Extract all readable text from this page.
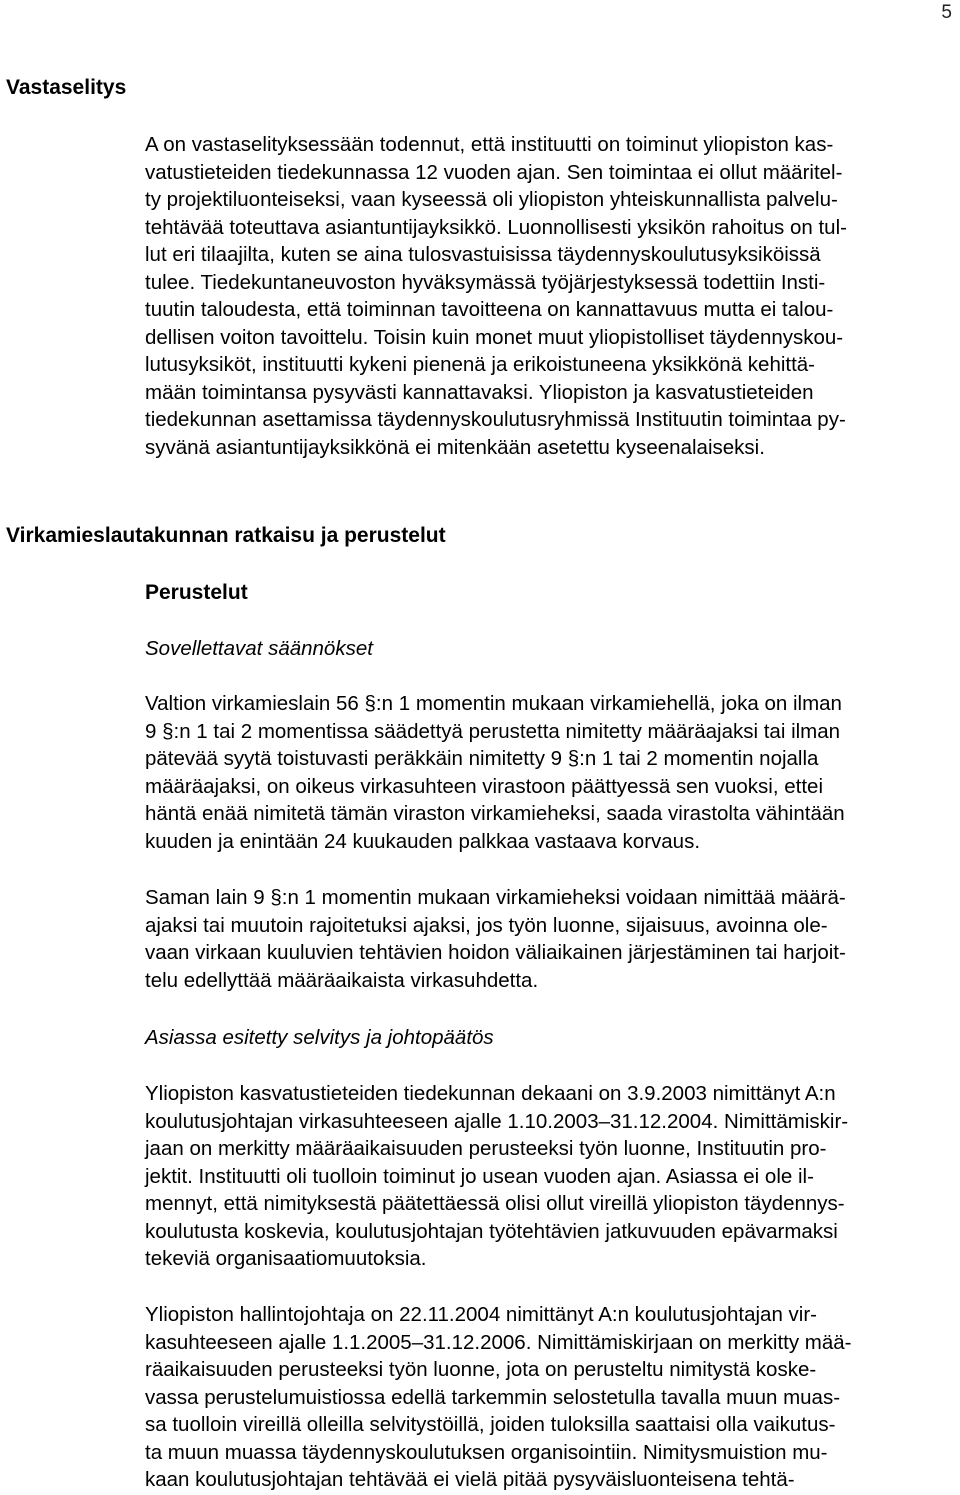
5
Vastaselitys
A on vastaselityksessään todennut, että instituutti on toiminut yliopiston kas-
vatustieteiden tiedekunnassa 12 vuoden ajan. Sen toimintaa ei ollut määritel-
ty projektiluonteiseksi, vaan kyseessä oli yliopiston yhteiskunnallista palvelu-
tehtävää toteuttava asiantuntijayksikkö. Luonnollisesti yksikön rahoitus on tul-
lut eri tilaajilta, kuten se aina tulosvastuisissa täydennyskoulutusyksiköissä
tulee. Tiedekuntaneuvoston hyväksymässä työjärjestyksessä todettiin Insti-
tuutin taloudesta, että toiminnan tavoitteena on kannattavuus mutta ei talou-
dellisen voiton tavoittelu. Toisin kuin monet muut yliopistolliset täydennyskou-
lutusyksiköt, instituutti kykeni pienenä ja erikoistuneena yksikkönä kehittä-
mään toimintansa pysyvästi kannattavaksi. Yliopiston ja kasvatustieteiden
tiedekunnan asettamissa täydennyskoulutusryhmissä Instituutin toimintaa py-
syvänä asiantuntijayksikkönä ei mitenkään asetettu kyseenalaiseksi.
Virkamieslautakunnan ratkaisu ja perustelut
Perustelut
Sovellettavat säännökset
Valtion virkamieslain 56 §:n 1 momentin mukaan virkamiehellä, joka on ilman
9 §:n 1 tai 2 momentissa säädettyä perustetta nimitetty määräajaksi tai ilman
pätevää syytä toistuvasti peräkkäin nimitetty 9 §:n 1 tai 2 momentin nojalla
määräajaksi, on oikeus virkasuhteen virastoon päättyessä sen vuoksi, ettei
häntä enää nimitetä tämän viraston virkamieheksi, saada virastolta vähintään
kuuden ja enintään 24 kuukauden palkkaa vastaava korvaus.
Saman lain 9 §:n 1 momentin mukaan virkamieheksi voidaan nimittää määrä-
ajaksi tai muutoin rajoitetuksi ajaksi, jos työn luonne, sijaisuus, avoinna ole-
vaan virkaan kuuluvien tehtävien hoidon väliaikainen järjestäminen tai harjoit-
telu edellyttää määräaikaista virkasuhdetta.
Asiassa esitetty selvitys ja johtopäätös
Yliopiston kasvatustieteiden tiedekunnan dekaani on 3.9.2003 nimittänyt A:n
koulutusjohtajan virkasuhteeseen ajalle 1.10.2003–31.12.2004. Nimittämiskir-
jaan on merkitty määräaikaisuuden perusteeksi työn luonne, Instituutin pro-
jektit. Instituutti oli tuolloin toiminut jo usean vuoden ajan. Asiassa ei ole il-
mennyt, että nimityksestä päätettäessä olisi ollut vireillä yliopiston täydennys-
koulutusta koskevia, koulutusjohtajan työtehtävien jatkuvuuden epävarmaksi
tekeviä organisaatiomuutoksia.
Yliopiston hallintojohtaja on 22.11.2004 nimittänyt A:n koulutusjohtajan vir-
kasuhteeseen ajalle 1.1.2005–31.12.2006. Nimittämiskirjaan on merkitty mää-
räaikaisuuden perusteeksi työn luonne, jota on perusteltu nimitystä koske-
vassa perustelumuistiossa edellä tarkemmin selostetulla tavalla muun muas-
sa tuolloin vireillä olleilla selvitystöillä, joiden tuloksilla saattaisi olla vaikutus-
ta muun muassa täydennyskoulutuksen organisointiin. Nimitysmuistion mu-
kaan koulutusjohtajan tehtävää ei vielä pitää pysyväisluonteisena tehtä-
